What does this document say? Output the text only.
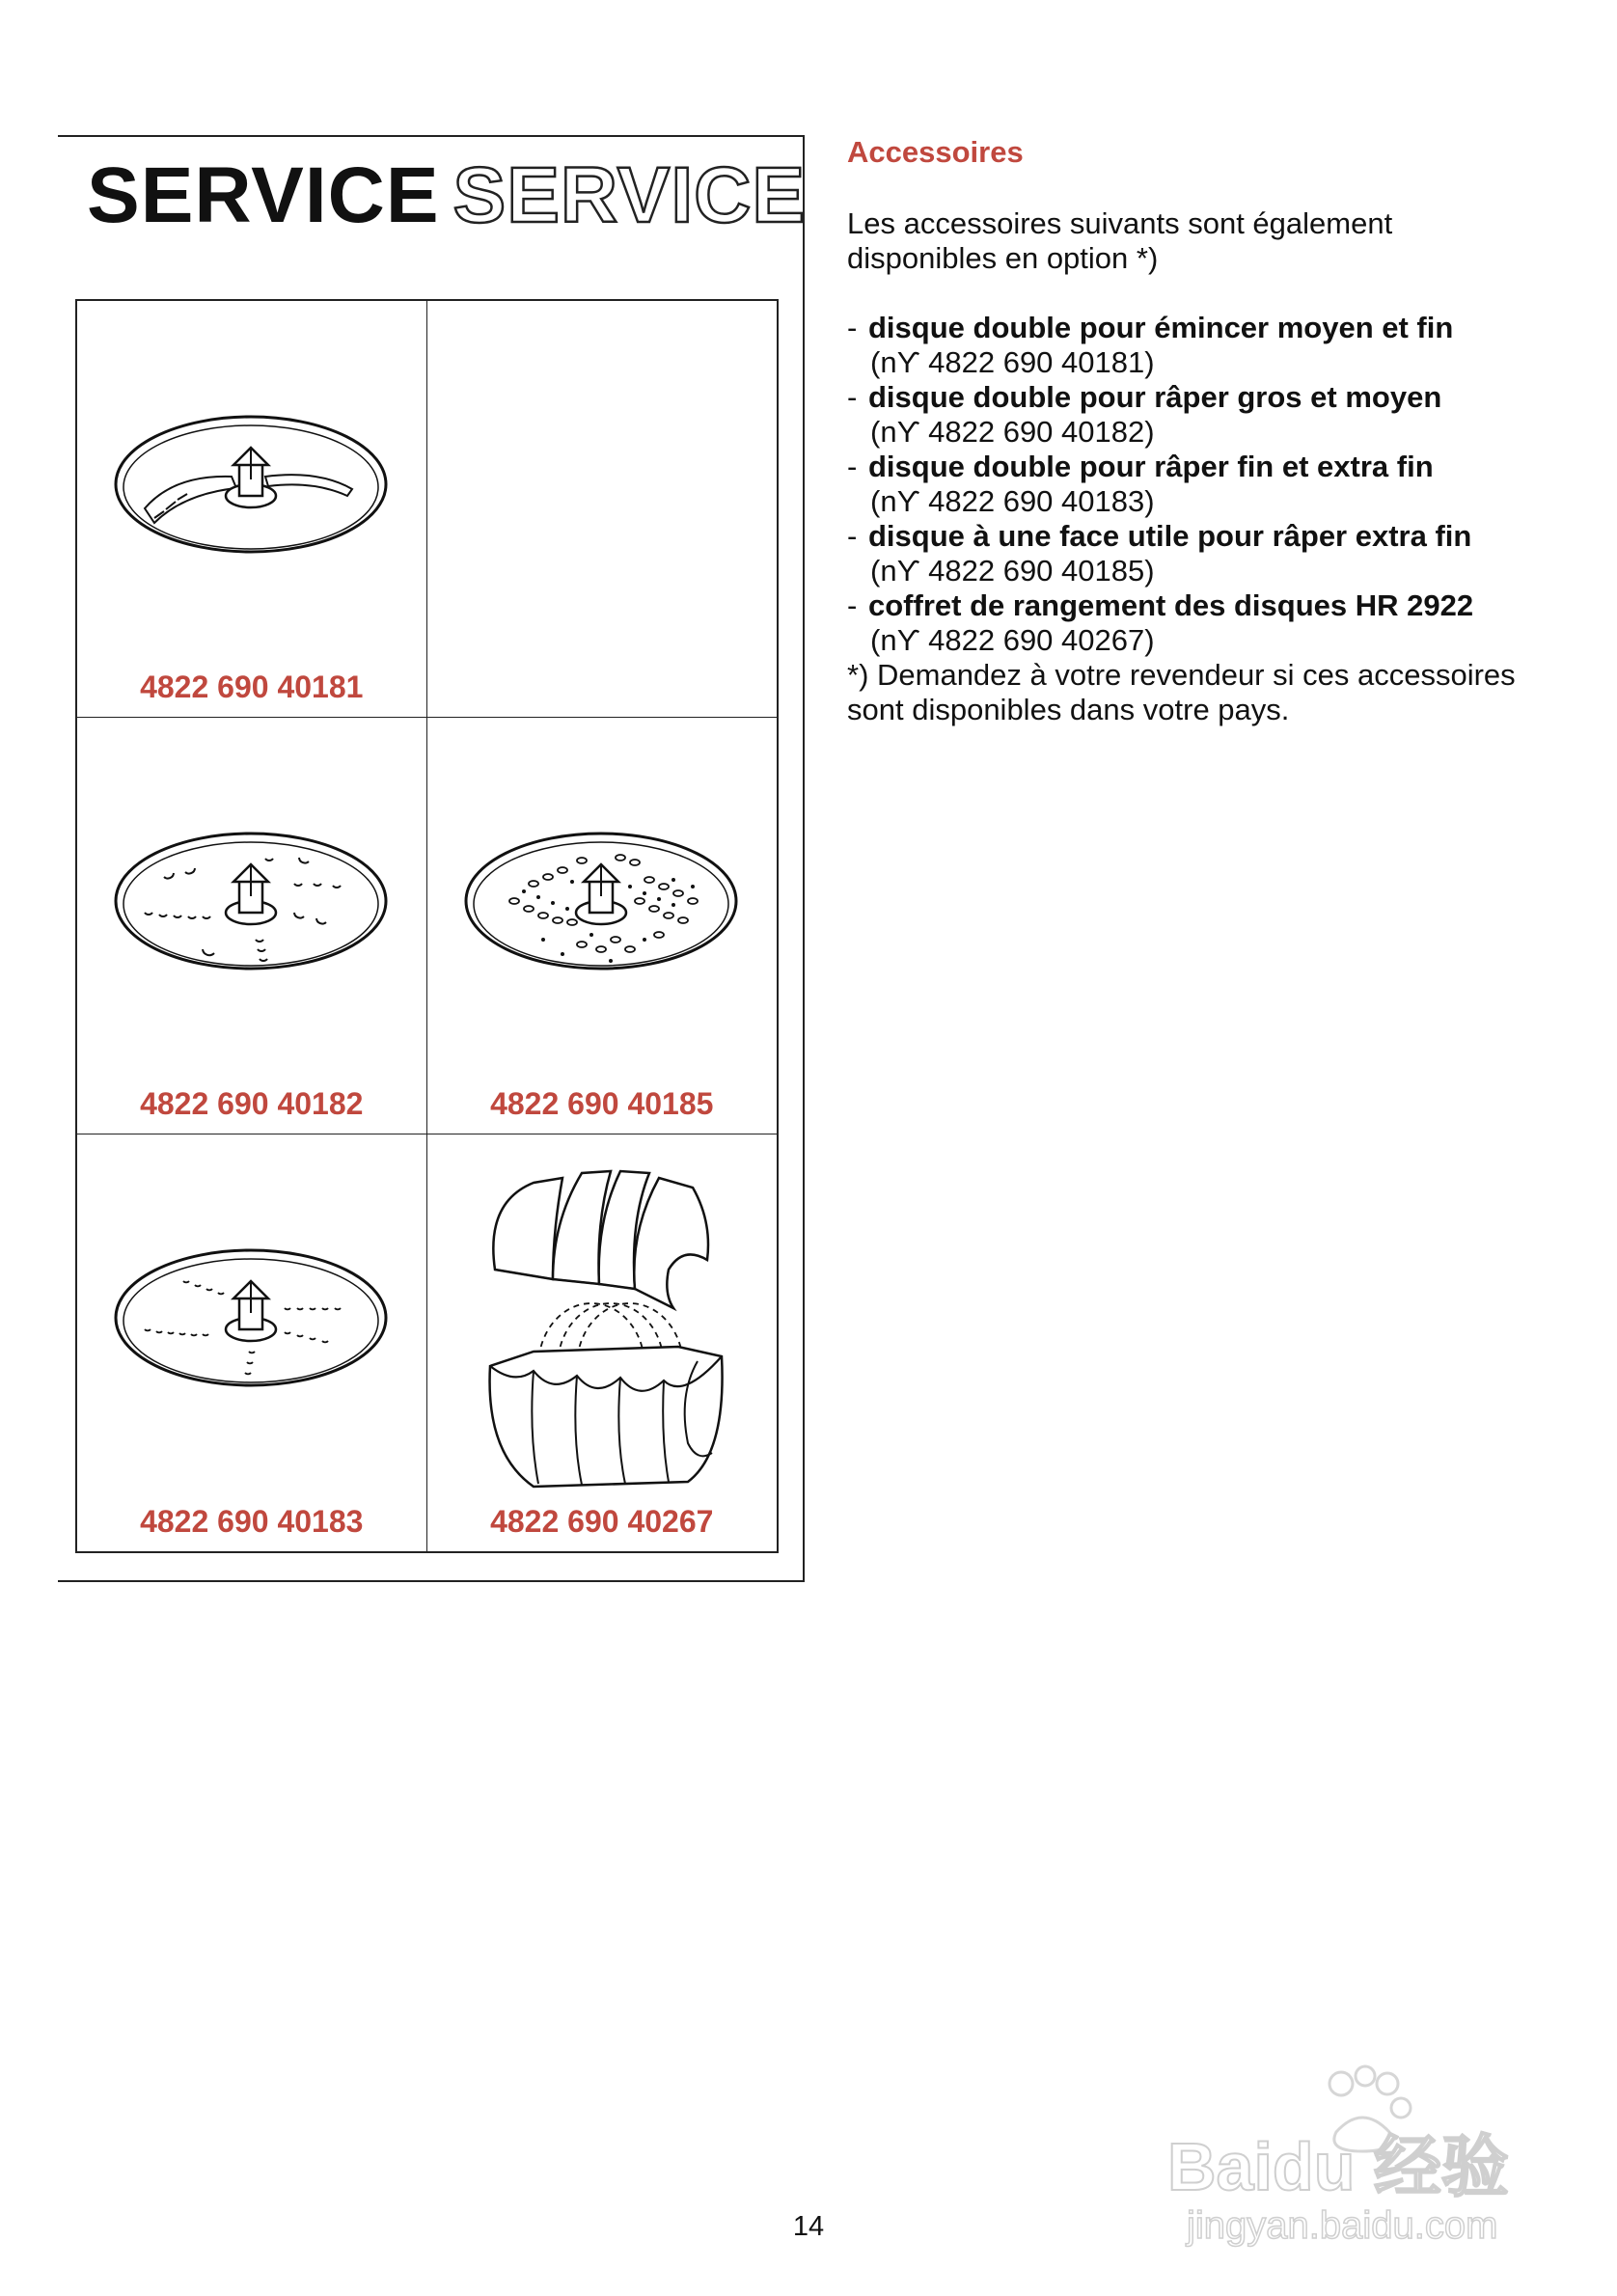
SERVICE SERVICE
4822 690 40181
4822 690 40182	4822 690 40185
4822 690 40183	4822 690 40267
Accessoires

Les accessoires suivants sont également disponibles en option *)

- disque double pour émincer moyen et fin
(nϒ 4822 690 40181)
- disque double pour râper gros et moyen
(nϒ 4822 690 40182)
- disque double pour râper fin et extra fin
(nϒ 4822 690 40183)
- disque à une face utile pour râper extra fin
(nϒ 4822 690 40185)
- coffret de rangement des disques HR 2922
(nϒ 4822 690 40267)

*) Demandez à votre revendeur si ces accessoires sont disponibles dans votre pays.

14
Baidu 经验
jingyan.baidu.com
